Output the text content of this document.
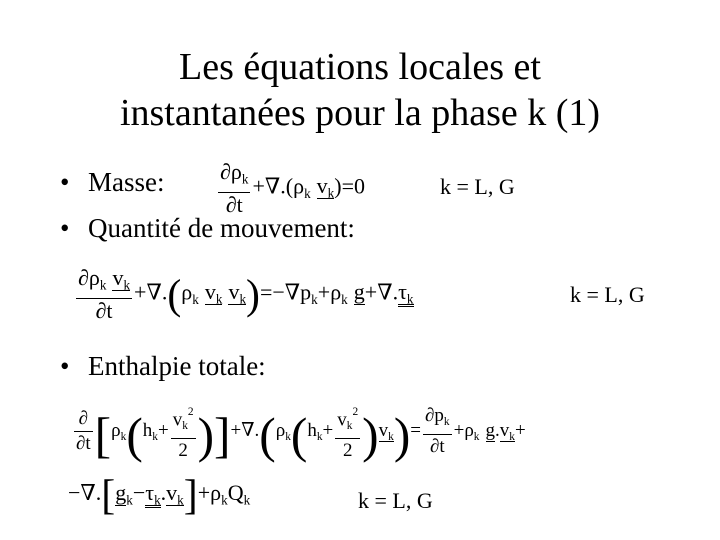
Les équations locales et
instantanées pour la phase k (1)
• Masse: $\frac{\partial\rho_k}{\partial t} +\nabla.(\rho_k$ $v_k)=0$	k = L, G
• Quantité de mouvement:
$\frac{\partial\rho_k v_k}{\partial t} +\nabla.(\rho_k$ $v_k$ $v_k)=-\nabla p_k+\rho_k$ $g+\nabla.\tau_k$	k = L, G
• Enthalpie totale:
$\frac{\partial}{\partial t} [\rho_k(h_k+ \frac{v_k^2}{2} )]+\nabla.(\rho_k(h_k+ \frac{v_k^2}{2} )v_k)= \frac{\partial p_k}{\partial t} +\rho_k$ $g.v_k+$
$-\nabla.[g_k-\tau_k.v_k]+\rho_kQ_k$	k = L, G
